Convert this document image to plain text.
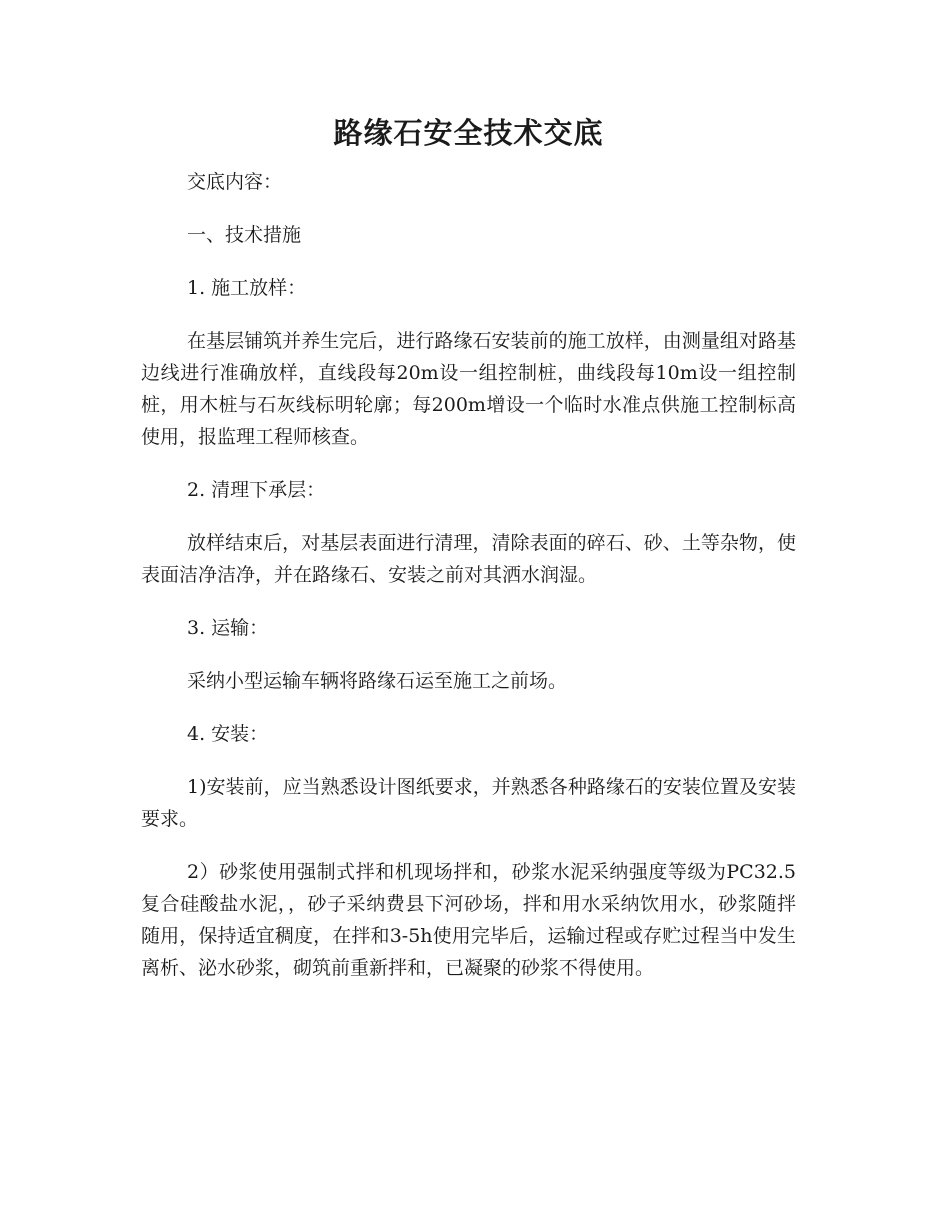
路缘石安全技术交底

交底内容：

一、技术措施

1. 施工放样：

在基层铺筑并养生完后，进行路缘石安装前的施工放样，由测量组对路基边线进行准确放样，直线段每20m设一组控制桩，曲线段每10m设一组控制桩，用木桩与石灰线标明轮廓；每200m增设一个临时水准点供施工控制标高使用，报监理工程师核查。

2. 清理下承层：

放样结束后，对基层表面进行清理，清除表面的碎石、砂、土等杂物，使表面洁净洁净，并在路缘石、安装之前对其洒水润湿。

3. 运输：

采纳小型运输车辆将路缘石运至施工之前场。

4. 安装：

1)安装前，应当熟悉设计图纸要求，并熟悉各种路缘石的安装位置及安装要求。

2）砂浆使用强制式拌和机现场拌和，砂浆水泥采纳强度等级为PC32.5复合硅酸盐水泥，，砂子采纳费县下河砂场，拌和用水采纳饮用水，砂浆随拌随用，保持适宜稠度，在拌和3-5h使用完毕后，运输过程或存贮过程当中发生离析、泌水砂浆，砌筑前重新拌和，已凝聚的砂浆不得使用。
